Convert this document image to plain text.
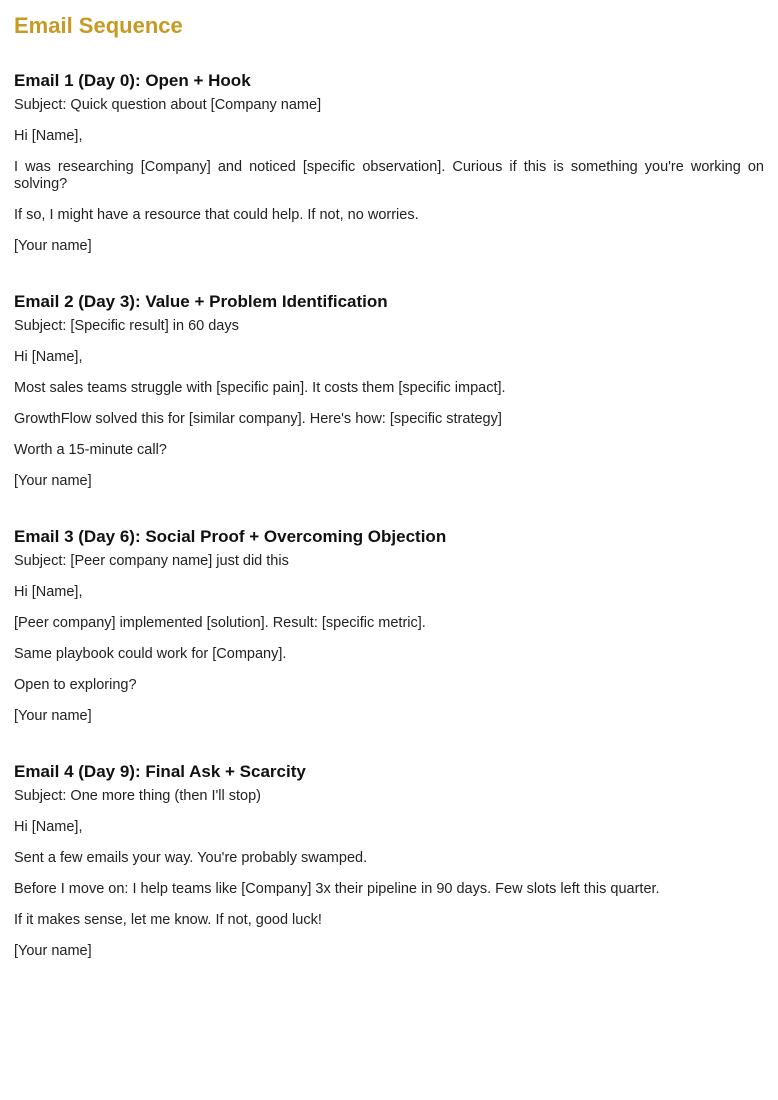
Email Sequence
Email 1 (Day 0): Open + Hook

Subject: Quick question about [Company name]

Hi [Name],

I was researching [Company] and noticed [specific observation]. Curious if this is something you're working on solving?

If so, I might have a resource that could help. If not, no worries.

[Your name]

Email 2 (Day 3): Value + Problem Identification

Subject: [Specific result] in 60 days

Hi [Name],

Most sales teams struggle with [specific pain]. It costs them [specific impact].

GrowthFlow solved this for [similar company]. Here's how: [specific strategy]

Worth a 15-minute call?

[Your name]

Email 3 (Day 6): Social Proof + Overcoming Objection

Subject: [Peer company name] just did this

Hi [Name],

[Peer company] implemented [solution]. Result: [specific metric].

Same playbook could work for [Company].

Open to exploring?

[Your name]

Email 4 (Day 9): Final Ask + Scarcity

Subject: One more thing (then I'll stop)

Hi [Name],

Sent a few emails your way. You're probably swamped.

Before I move on: I help teams like [Company] 3x their pipeline in 90 days. Few slots left this quarter.

If it makes sense, let me know. If not, good luck!

[Your name]
